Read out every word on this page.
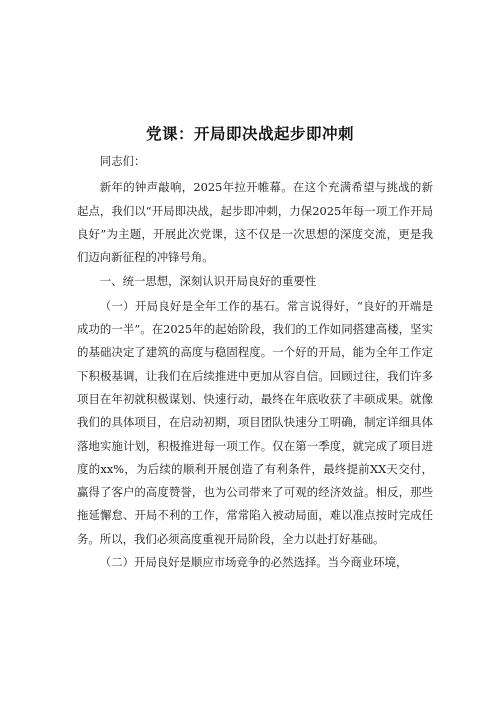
党课：开局即决战起步即冲刺

同志们：

新年的钟声敲响，2025年拉开帷幕。在这个充满希望与挑战的新起点，我们以“开局即决战，起步即冲刺，力保2025年每一项工作开局良好”为主题，开展此次党课，这不仅是一次思想的深度交流，更是我们迈向新征程的冲锋号角。

一、统一思想，深刻认识开局良好的重要性

（一）开局良好是全年工作的基石。常言说得好，“良好的开端是成功的一半”。在2025年的起始阶段，我们的工作如同搭建高楼，坚实的基础决定了建筑的高度与稳固程度。一个好的开局，能为全年工作定下积极基调，让我们在后续推进中更加从容自信。回顾过往，我们许多项目在年初就积极谋划、快速行动，最终在年底收获了丰硕成果。就像我们的具体项目，在启动初期，项目团队快速分工明确，制定详细具体落地实施计划，积极推进每一项工作。仅在第一季度，就完成了项目进度的xx%，为后续的顺利开展创造了有利条件，最终提前XX天交付，赢得了客户的高度赞誉，也为公司带来了可观的经济效益。相反，那些拖延懈怠、开局不利的工作，常常陷入被动局面，难以准点按时完成任务。所以，我们必须高度重视开局阶段，全力以赴打好基础。

（二）开局良好是顺应市场竞争的必然选择。当今商业环境，
